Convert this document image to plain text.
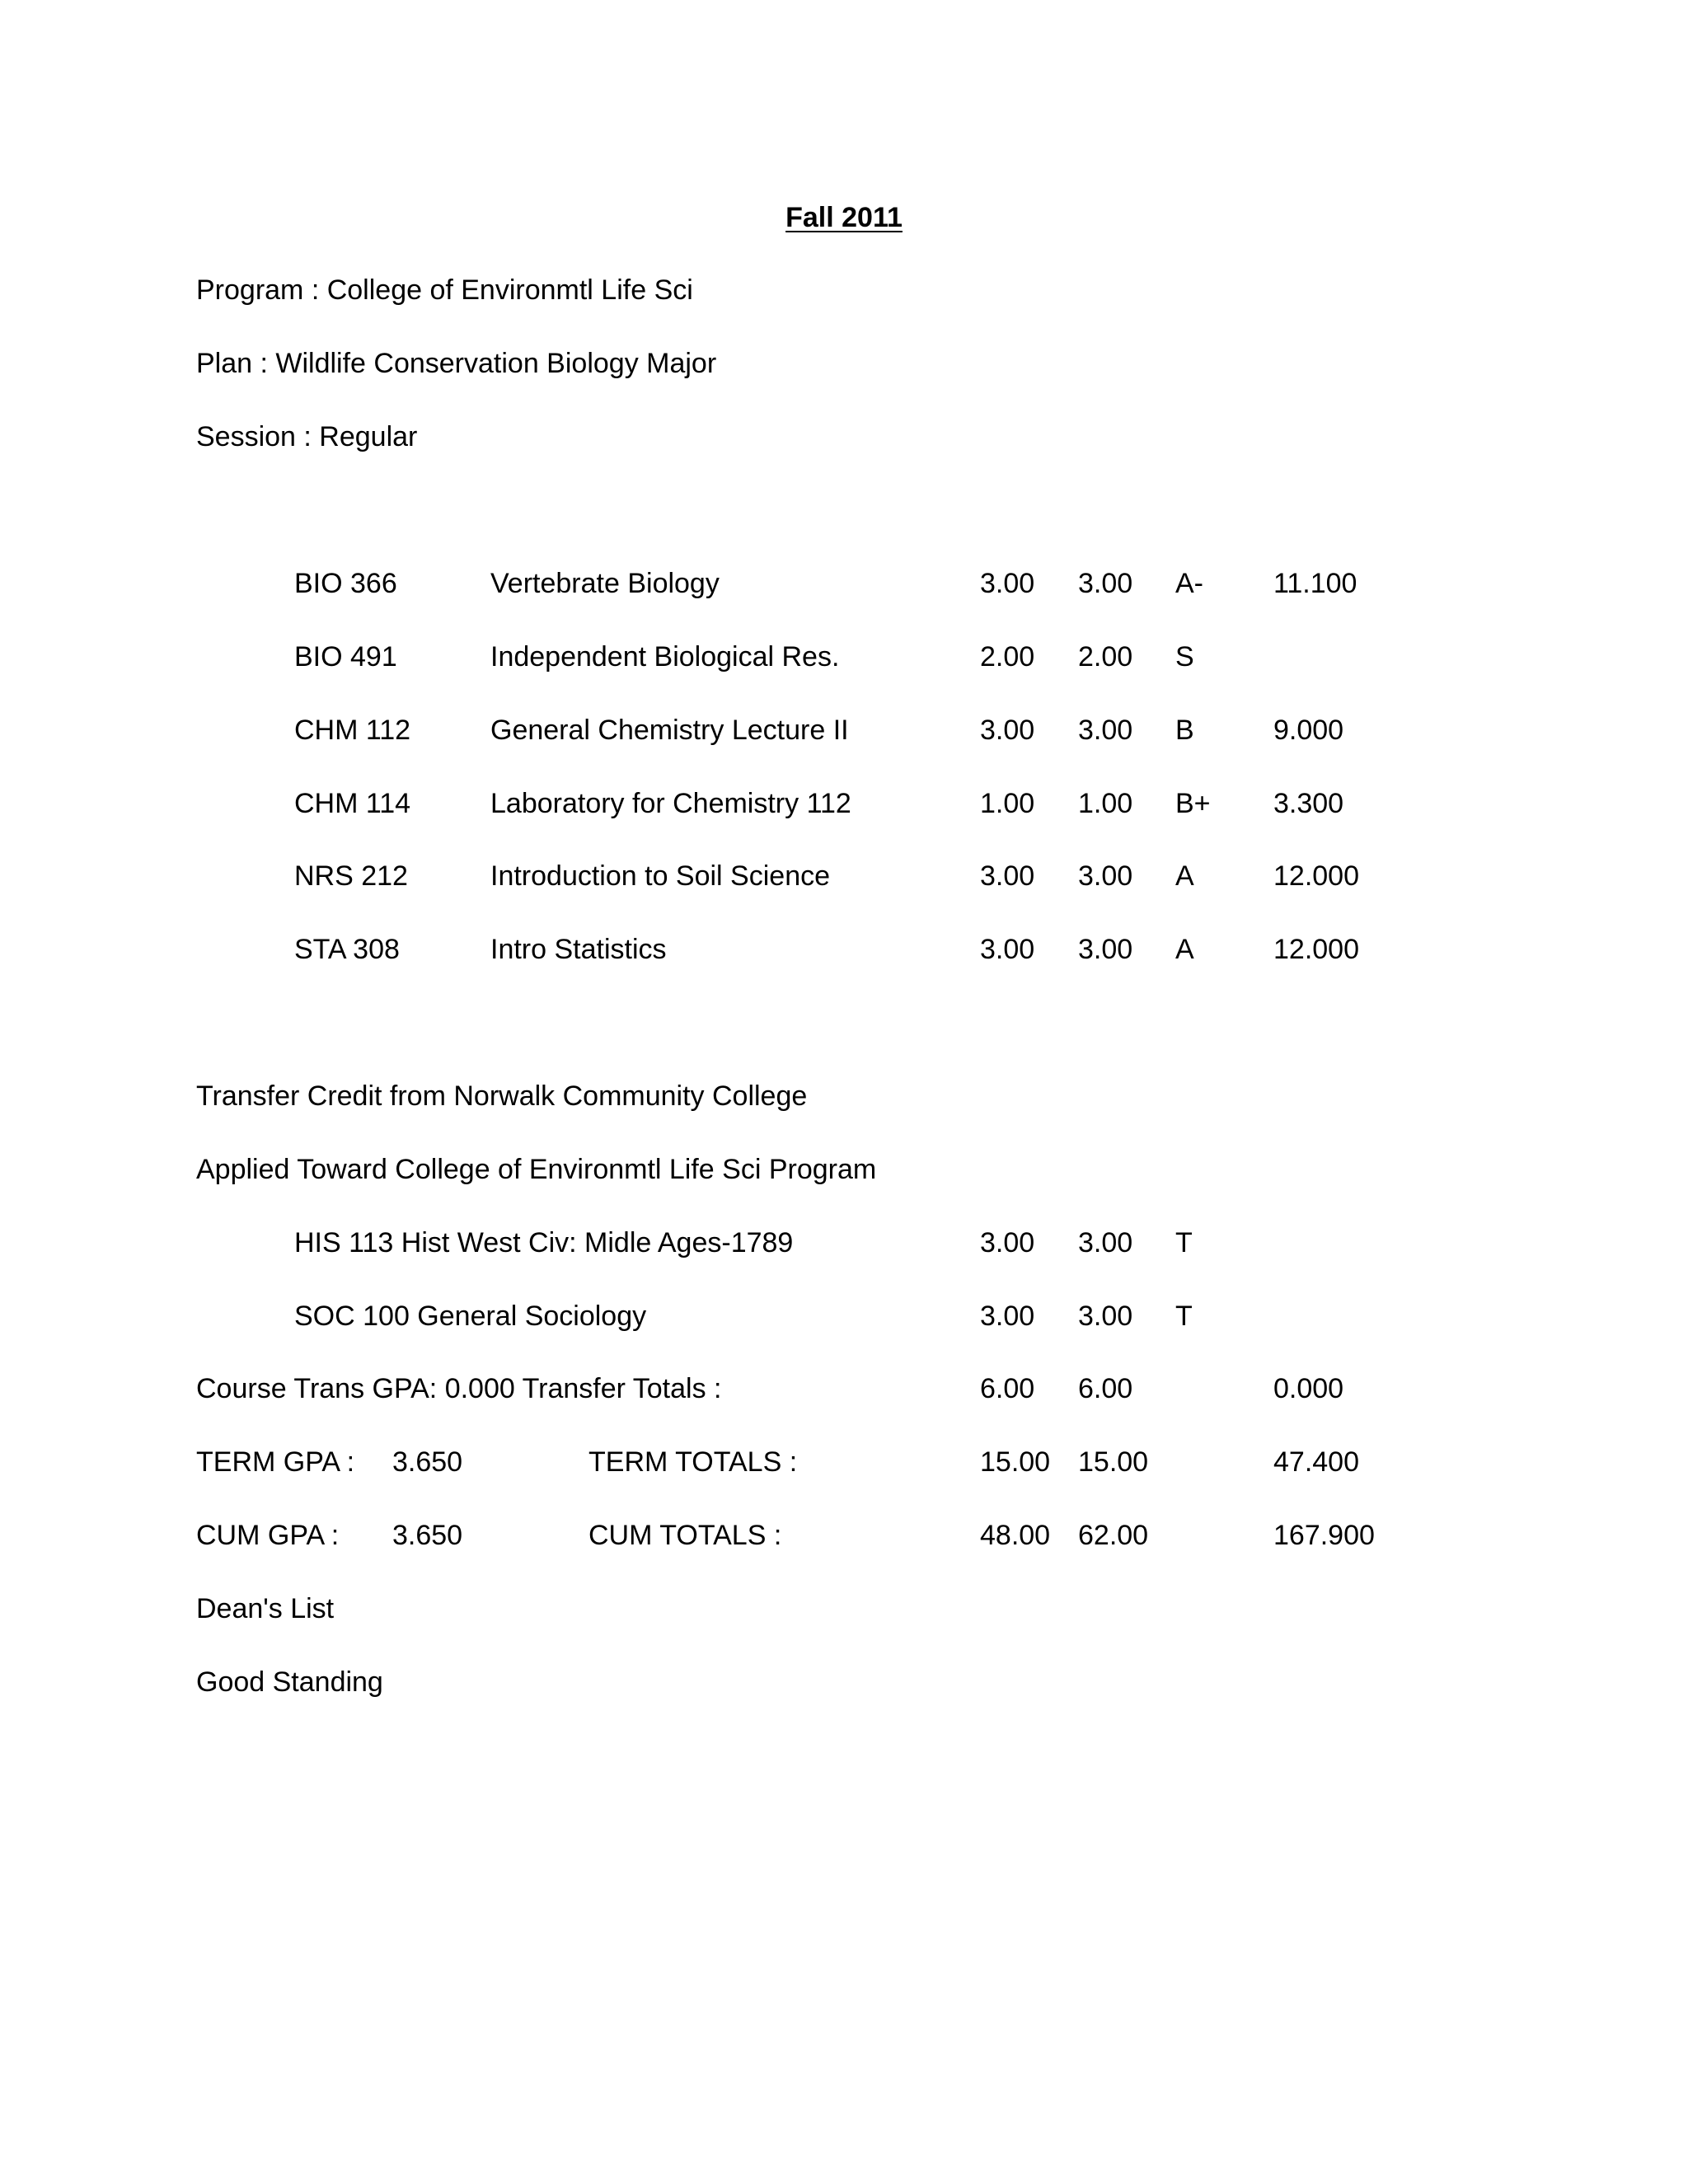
Fall 2011
Program : College of Environmtl Life Sci
Plan : Wildlife Conservation Biology Major
Session : Regular
BIO 366	Vertebrate Biology	3.00 3.00 A-	11.100
BIO 491	Independent Biological Res.	2.00 2.00 S
CHM 112	General Chemistry Lecture II	3.00 3.00 B	9.000
CHM 114	Laboratory for Chemistry 112	1.00 1.00 B+ 3.300
NRS 212	Introduction to Soil Science	3.00 3.00 A	12.000
STA 308	Intro Statistics	3.00 3.00 A	12.000
Transfer Credit from Norwalk Community College
Applied Toward College of Environmtl Life Sci Program
HIS 113 Hist West Civ: Midle Ages-1789	3.00 3.00 T
SOC 100 General Sociology	3.00 3.00 T
Course Trans GPA: 0.000 Transfer Totals :	6.00 6.00	0.000
TERM GPA : 3.650	TERM TOTALS :	15.00 15.00	47.400
CUM GPA : 3.650	CUM TOTALS :	48.00 62.00	167.900
Dean's List
Good Standing
